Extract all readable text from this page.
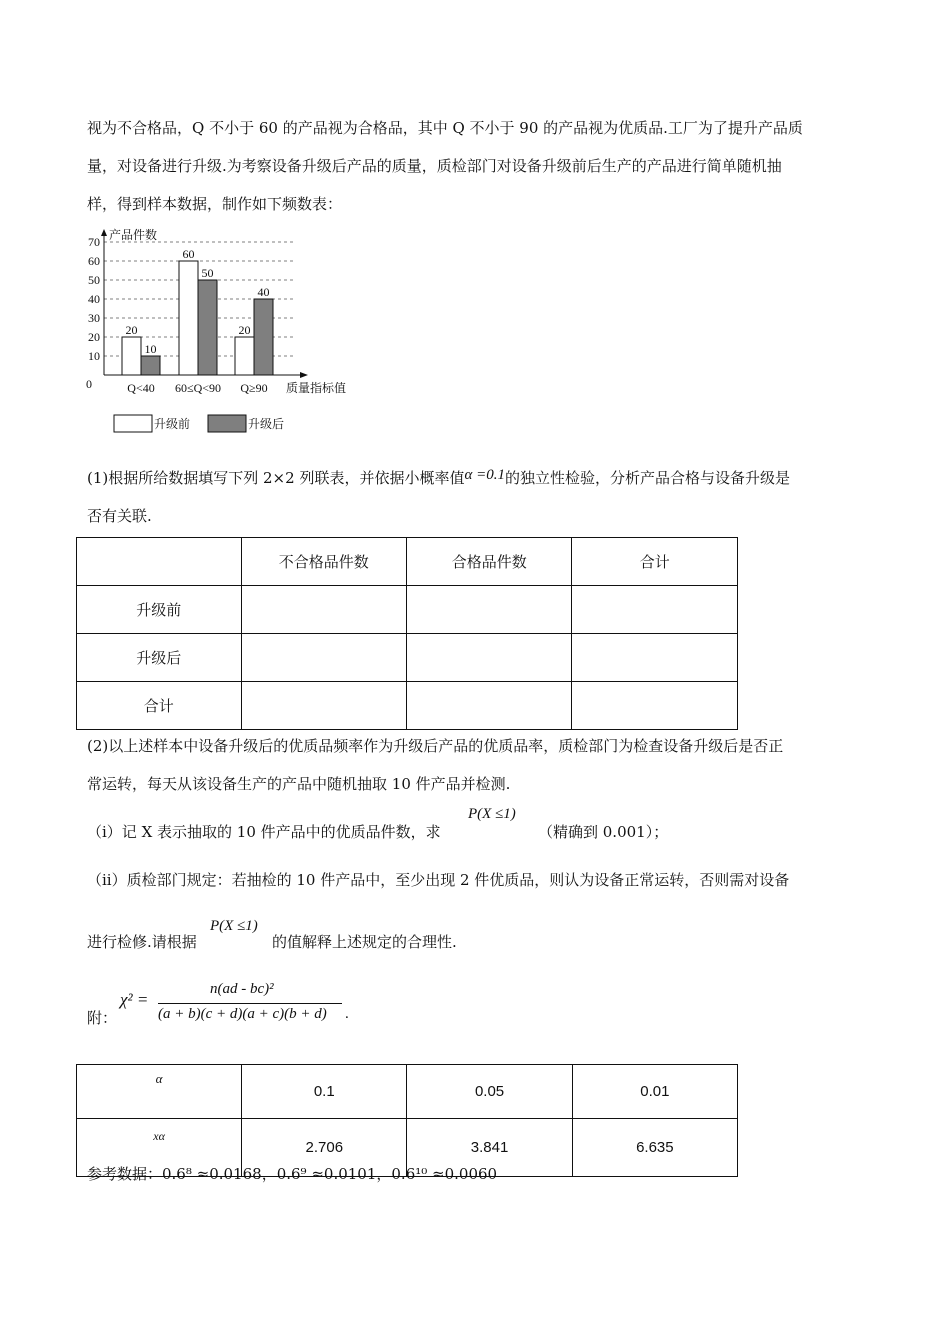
视为不合格品，Q 不小于 60 的产品视为合格品，其中 Q 不小于 90 的产品视为优质品.工厂为了提升产品质
量，对设备进行升级.为考察设备升级后产品的质量，质检部门对设备升级前后生产的产品进行简单随机抽
样，得到样本数据，制作如下频数表：
0
10
20
30
40
50
60
70 产品件数
质量指标值
20
10
Q<40
60
50
60≤Q<90
20
40
Q≥90
升级前	升级后
(1)根据所给数据填写下列 2×2 列联表，并依据小概率值α =0.1的独立性检验，分析产品合格与设备升级是
否有关联.
	不合格品件数	合格品件数	合计
升级前			
升级后			
合计			
(2)以上述样本中设备升级后的优质品频率作为升级后产品的优质品率，质检部门为检查设备升级后是否正
常运转，每天从该设备生产的产品中随机抽取 10 件产品并检测.
（i）记 X 表示抽取的 10 件产品中的优质品件数，求
P(X ≤1)
（精确到 0.001）；
（ii）质检部门规定：若抽检的 10 件产品中，至少出现 2 件优质品，则认为设备正常运转，否则需对设备
进行检修.请根据
P(X ≤1)
的值解释上述规定的合理性.
附：
χ² =
n(ad - bc)²
(a + b)(c + d)(a + c)(b + d) .
α	0.1	0.05	0.01
xα	2.706	3.841	6.635
参考数据：0.6⁸ ≈0.0168，0.6⁹ ≈0.0101，0.6¹⁰ ≈0.0060
